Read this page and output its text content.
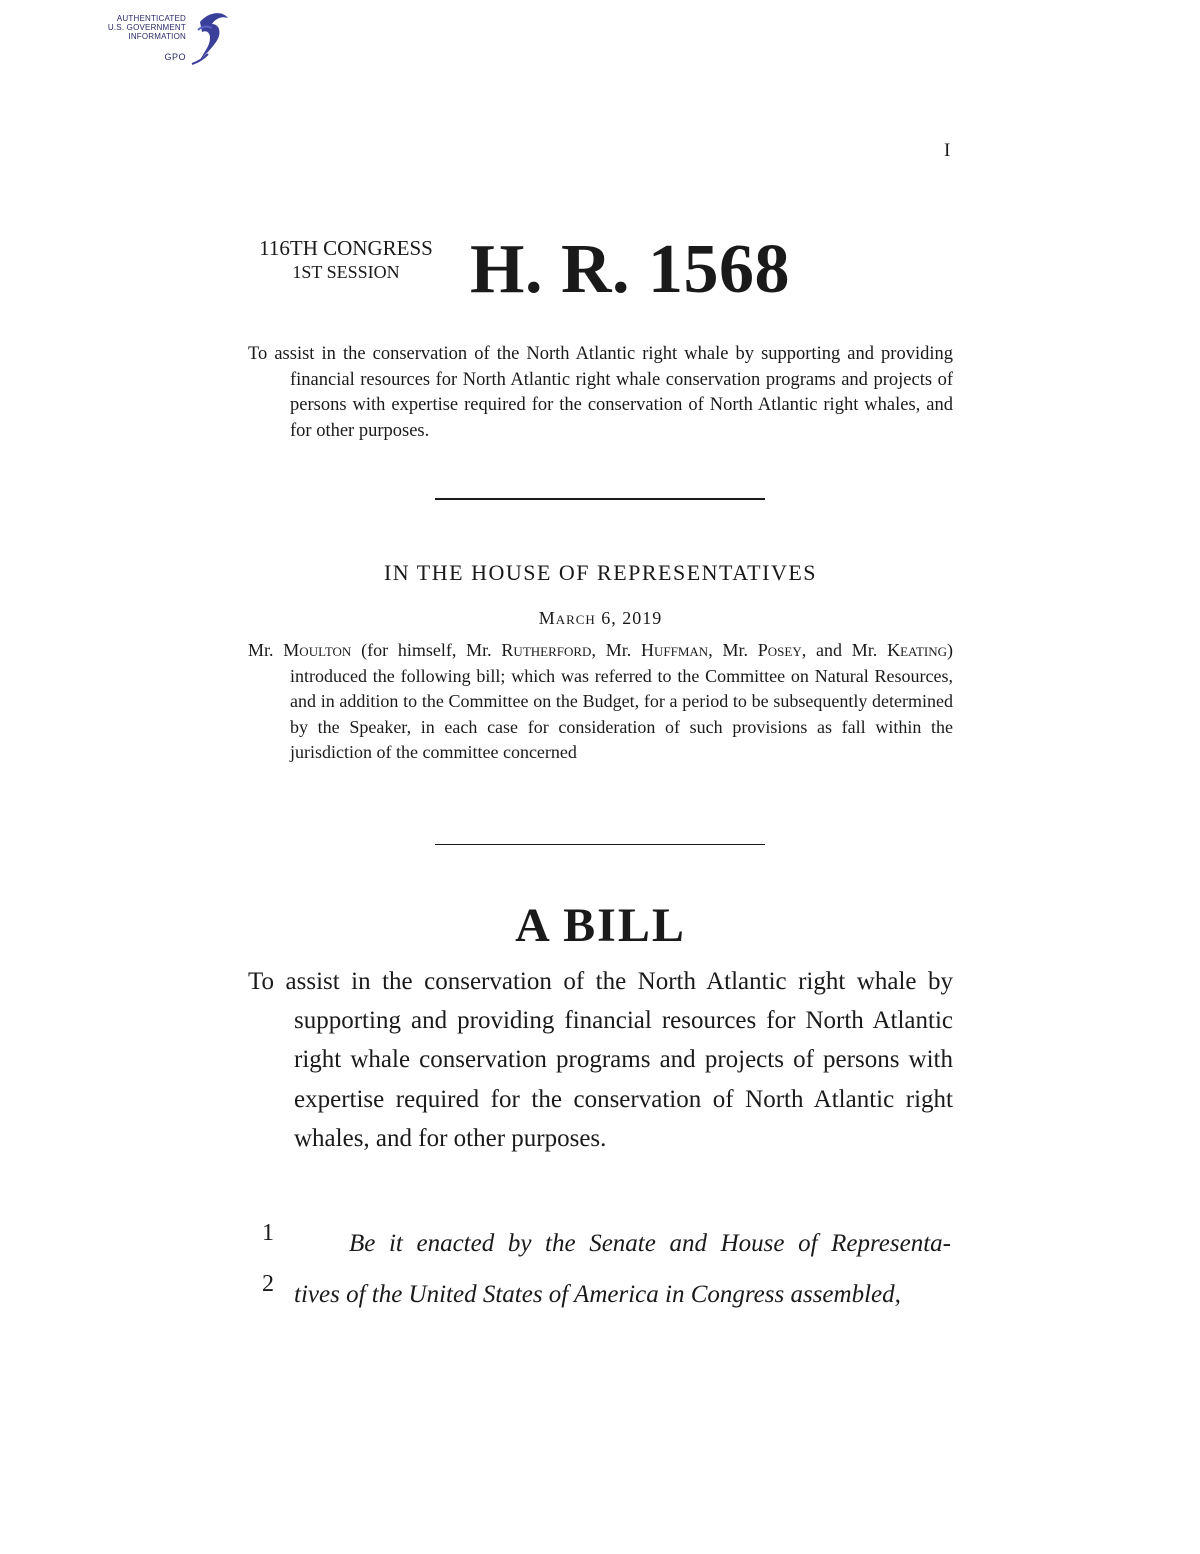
AUTHENTICATED
U.S. GOVERNMENT
INFORMATION
GPO
I
116TH CONGRESS
1ST SESSION	H. R. 1568
To assist in the conservation of the North Atlantic right whale by supporting and providing financial resources for North Atlantic right whale conservation programs and projects of persons with expertise required for the conservation of North Atlantic right whales, and for other purposes.
IN THE HOUSE OF REPRESENTATIVES
March 6, 2019
Mr. Moulton (for himself, Mr. Rutherford, Mr. Huffman, Mr. Posey, and Mr. Keating) introduced the following bill; which was referred to the Committee on Natural Resources, and in addition to the Committee on the Budget, for a period to be subsequently determined by the Speaker, in each case for consideration of such provisions as fall within the jurisdiction of the committee concerned
A BILL
To assist in the conservation of the North Atlantic right whale by supporting and providing financial resources for North Atlantic right whale conservation programs and projects of persons with expertise required for the conservation of North Atlantic right whales, and for other purposes.
1
2
Be it enacted by the Senate and House of Representa-
tives of the United States of America in Congress assembled,
